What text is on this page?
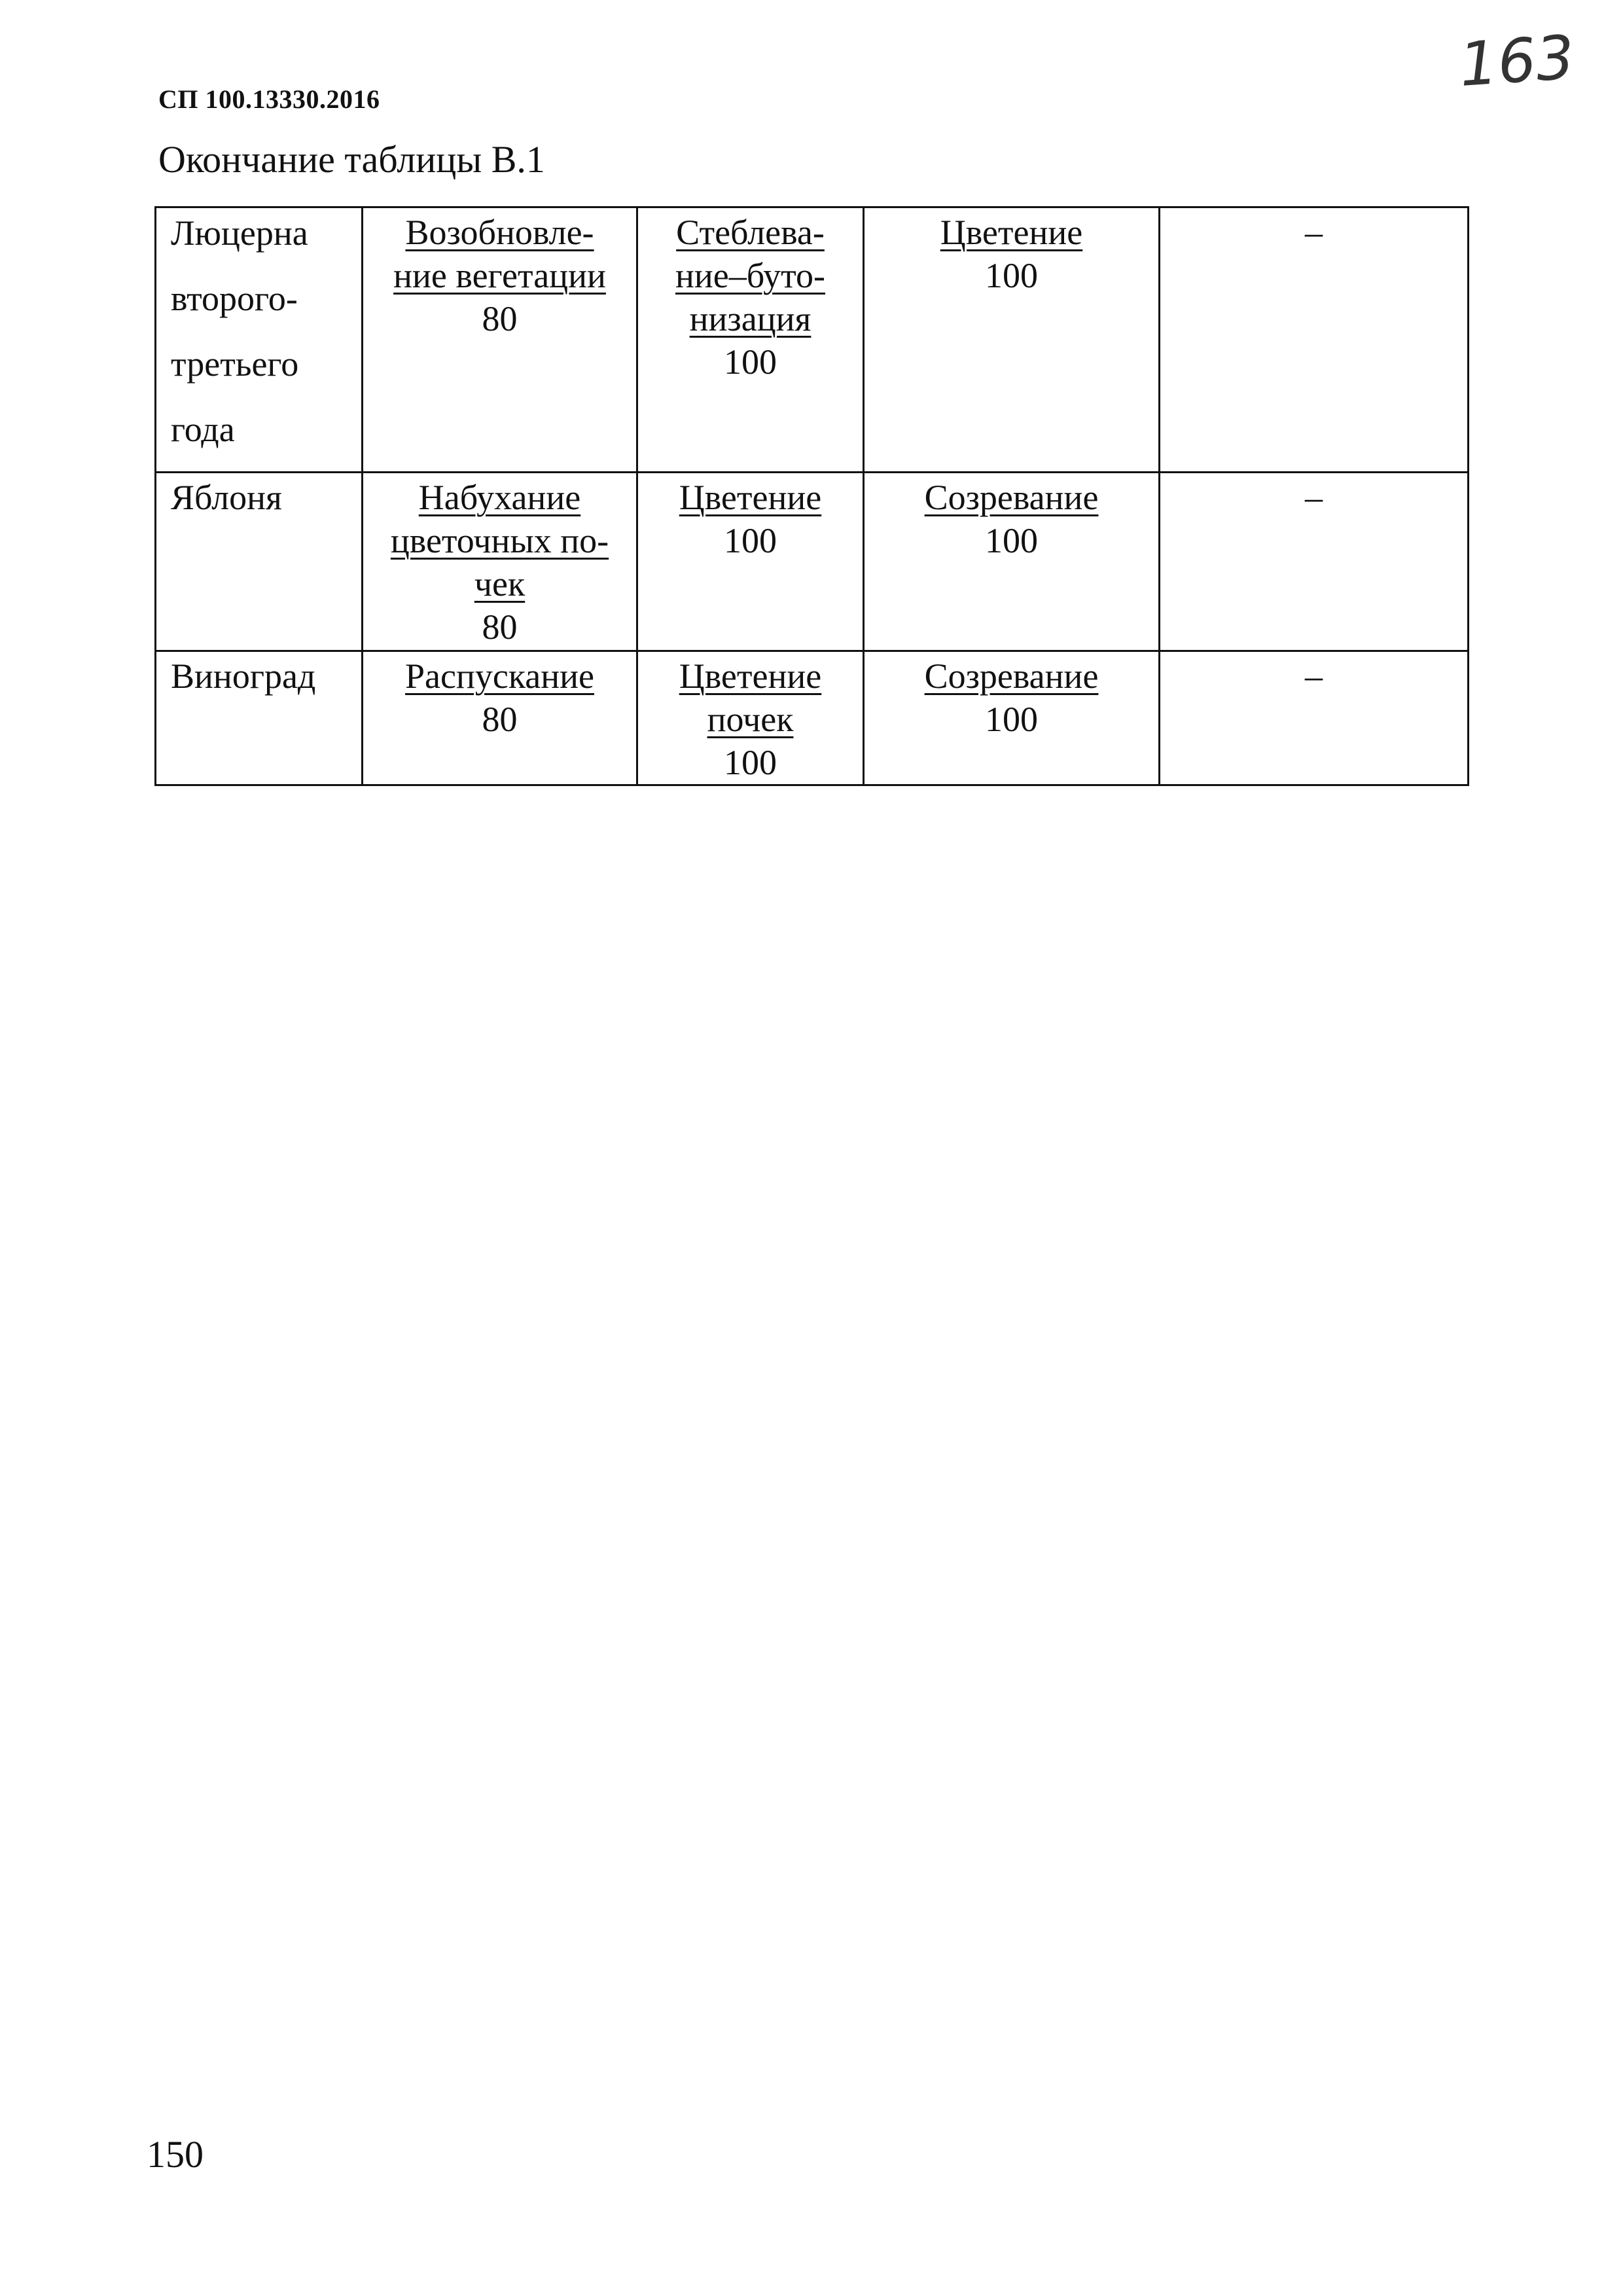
СП 100.13330.2016	163
Окончание таблицы В.1
Люцерна
второго-
третьего
года	Возобновле-
ние вегетации
80	Стеблева-
ние–буто-
низация
100	Цветение
100	–

Яблоня	Набухание
цветочных по-
чек
80	Цветение
100	Созревание
100	–

Виноград	Распускание
80	Цветение
почек
100	Созревание
100	–
150
